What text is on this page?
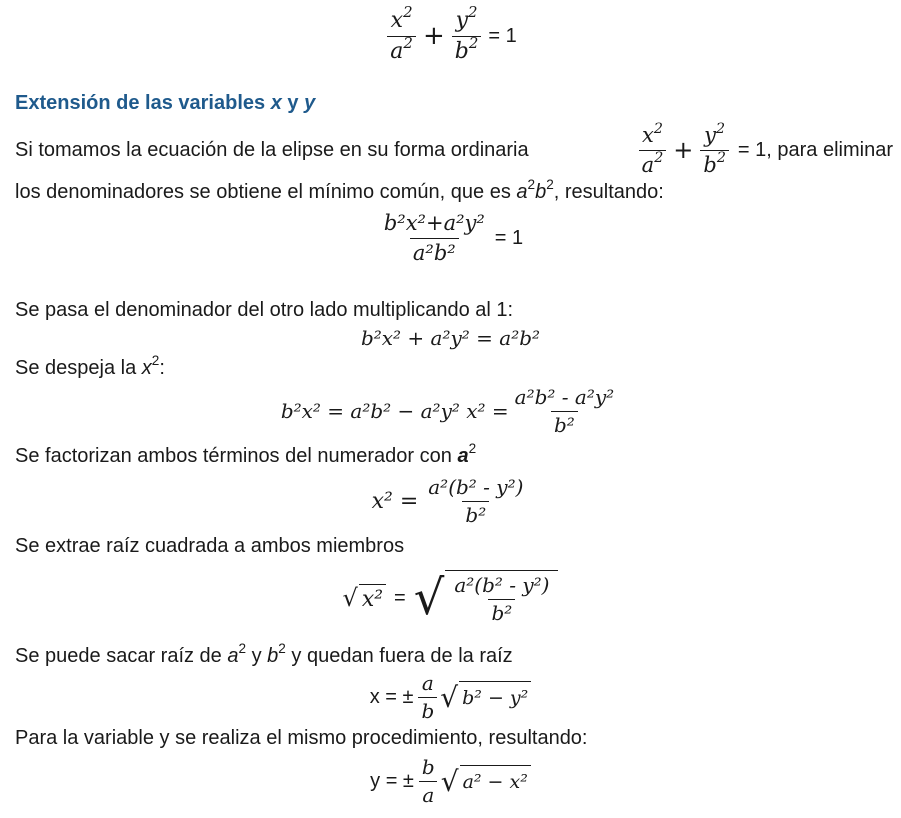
$\frac{x^2}{a^2} + \frac{y^2}{b^2} = 1$
Extensión de las variables x y y
Si tomamos la ecuación de la elipse en su forma ordinaria	$\frac{x^2}{a^2} + \frac{y^2}{b^2} = 1$, para eliminar
los denominadores se obtiene el mínimo común, que es $a^2b^2$, resultando:
$\frac{\text{b²x²+a²y²}}{\text{a²b²}} = 1$
Se pasa el denominador del otro lado multiplicando al 1:
b²x² + a²y² = a²b²
Se despeja la $x^2$:
b²x² = a²b² − a²y² $x^2 = \frac{\text{a²b² - a²y²}}{\text{b²}}$
Se factorizan ambos términos del numerador con $a^2$
$x^2 = \frac{\text{a²(b² - y²)}}{\text{b²}}$
Se extrae raíz cuadrada a ambos miembros
√ x² = √ $\frac{\text{a²(b² - y²)}}{\text{b²}}$
Se puede sacar raíz de $a^2$ y $b^2$ y quedan fuera de la raíz
x = ± $\frac{a}{b}$ √ b² − y²
Para la variable y se realiza el mismo procedimiento, resultando:
y = ± $\frac{b}{a}$ √ a² − x²
